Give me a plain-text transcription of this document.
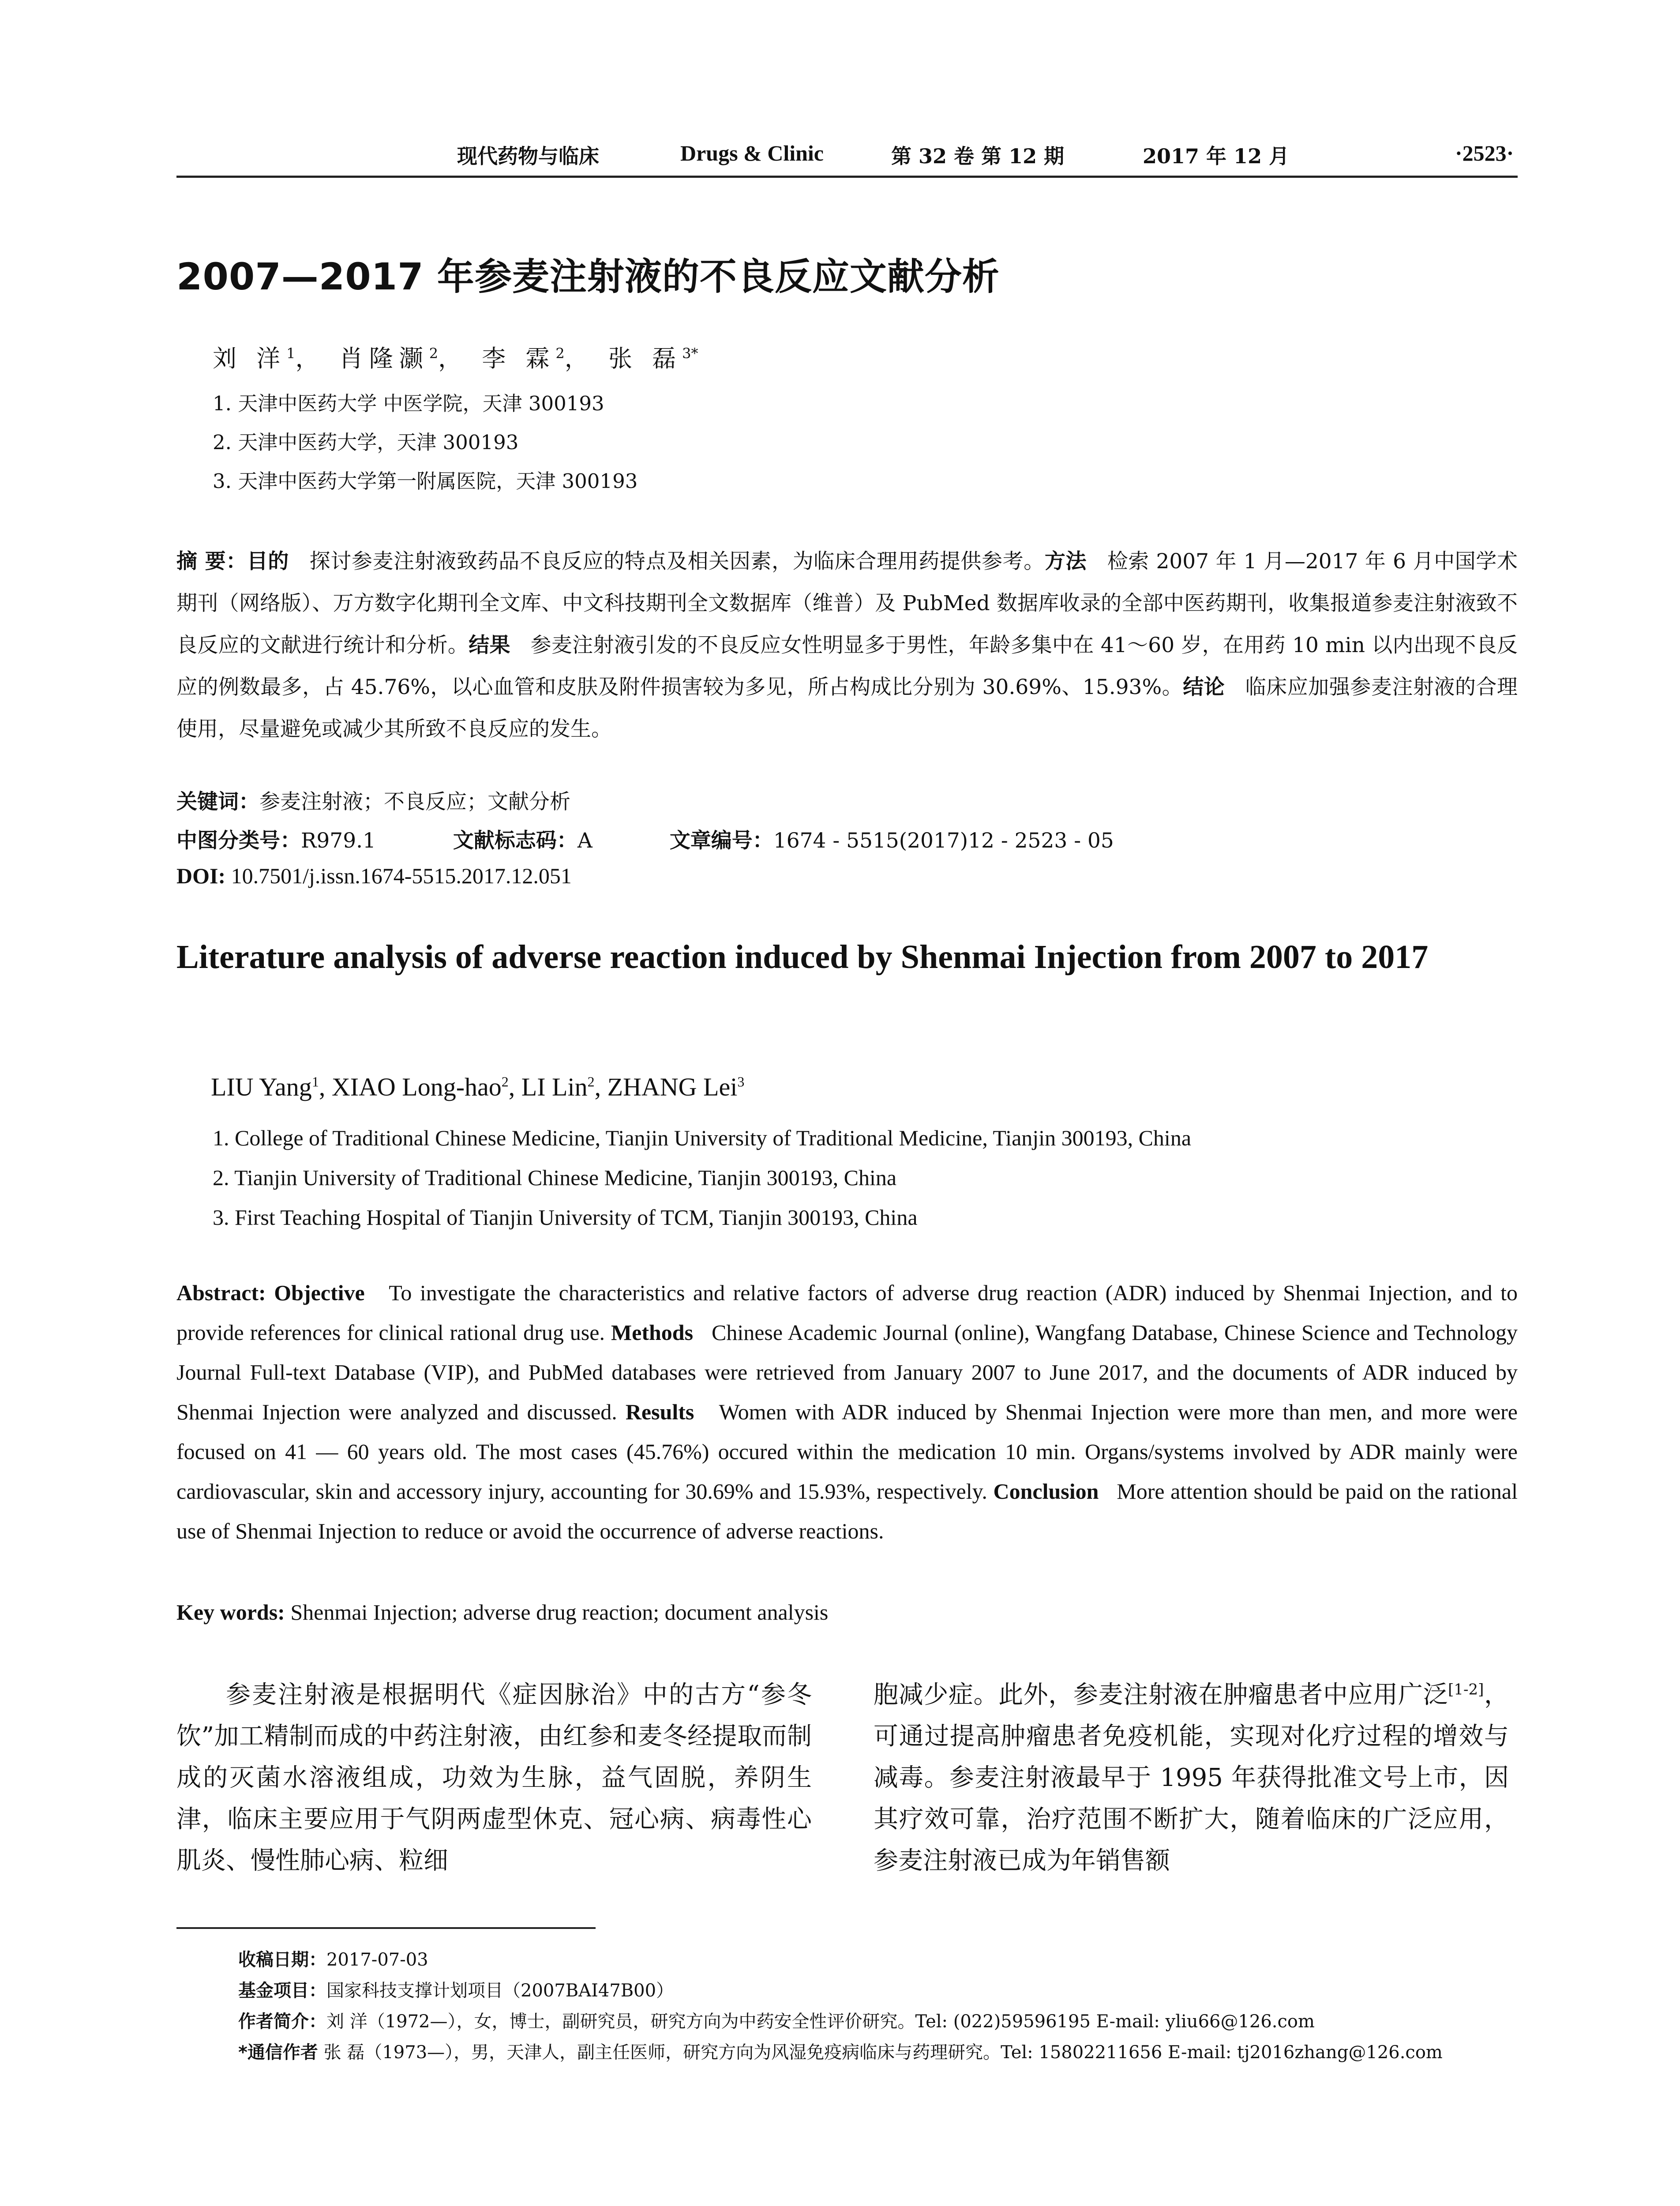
现代药物与临床	Drugs & Clinic	第 32 卷 第 12 期	2017 年 12 月	·2523·
2007—2017 年参麦注射液的不良反应文献分析
刘 洋$^1$， 肖隆灏$^2$， 李 霖$^2$， 张 磊$^{3*}$
1. 天津中医药大学 中医学院，天津 300193
2. 天津中医药大学，天津 300193
3. 天津中医药大学第一附属医院，天津 300193
摘 要：目的 探讨参麦注射液致药品不良反应的特点及相关因素，为临床合理用药提供参考。方法 检索 2007 年 1 月—2017 年 6 月中国学术期刊（网络版）、万方数字化期刊全文库、中文科技期刊全文数据库（维普）及 PubMed 数据库收录的全部中医药期刊，收集报道参麦注射液致不良反应的文献进行统计和分析。结果 参麦注射液引发的不良反应女性明显多于男性，年龄多集中在 41～60 岁，在用药 10 min 以内出现不良反应的例数最多，占 45.76%，以心血管和皮肤及附件损害较为多见，所占构成比分别为 30.69%、15.93%。结论 临床应加强参麦注射液的合理使用，尽量避免或减少其所致不良反应的发生。
关键词：参麦注射液；不良反应；文献分析
中图分类号：R979.1	文献标志码：A	文章编号：1674 - 5515(2017)12 - 2523 - 05
DOI: 10.7501/j.issn.1674-5515.2017.12.051
Literature analysis of adverse reaction induced by Shenmai Injection from 2007 to 2017
LIU Yang$^1$, XIAO Long-hao$^2$, LI Lin$^2$, ZHANG Lei$^3$
1. College of Traditional Chinese Medicine, Tianjin University of Traditional Medicine, Tianjin 300193, China
2. Tianjin University of Traditional Chinese Medicine, Tianjin 300193, China
3. First Teaching Hospital of Tianjin University of TCM, Tianjin 300193, China
Abstract: Objective To investigate the characteristics and relative factors of adverse drug reaction (ADR) induced by Shenmai Injection, and to provide references for clinical rational drug use. Methods Chinese Academic Journal (online), Wangfang Database, Chinese Science and Technology Journal Full-text Database (VIP), and PubMed databases were retrieved from January 2007 to June 2017, and the documents of ADR induced by Shenmai Injection were analyzed and discussed. Results Women with ADR induced by Shenmai Injection were more than men, and more were focused on 41 — 60 years old. The most cases (45.76%) occured within the medication 10 min. Organs/systems involved by ADR mainly were cardiovascular, skin and accessory injury, accounting for 30.69% and 15.93%, respectively. Conclusion More attention should be paid on the rational use of Shenmai Injection to reduce or avoid the occurrence of adverse reactions.
Key words: Shenmai Injection; adverse drug reaction; document analysis
参麦注射液是根据明代《症因脉治》中的古方“参冬饮”加工精制而成的中药注射液，由红参和麦冬经提取而制成的灭菌水溶液组成，功效为生脉，益气固脱，养阴生津，临床主要应用于气阴两虚型休克、冠心病、病毒性心肌炎、慢性肺心病、粒细
胞减少症。此外，参麦注射液在肿瘤患者中应用广泛[1-2]，可通过提高肿瘤患者免疫机能，实现对化疗过程的增效与减毒。参麦注射液最早于 1995 年获得批准文号上市，因其疗效可靠，治疗范围不断扩大，随着临床的广泛应用，参麦注射液已成为年销售额
收稿日期：2017-07-03
基金项目：国家科技支撑计划项目（2007BAI47B00）
作者简介：刘 洋（1972—），女，博士，副研究员，研究方向为中药安全性评价研究。Tel: (022)59596195 E-mail: yliu66@126.com
*通信作者 张 磊（1973—），男，天津人，副主任医师，研究方向为风湿免疫病临床与药理研究。Tel: 15802211656 E-mail: tj2016zhang@126.com
